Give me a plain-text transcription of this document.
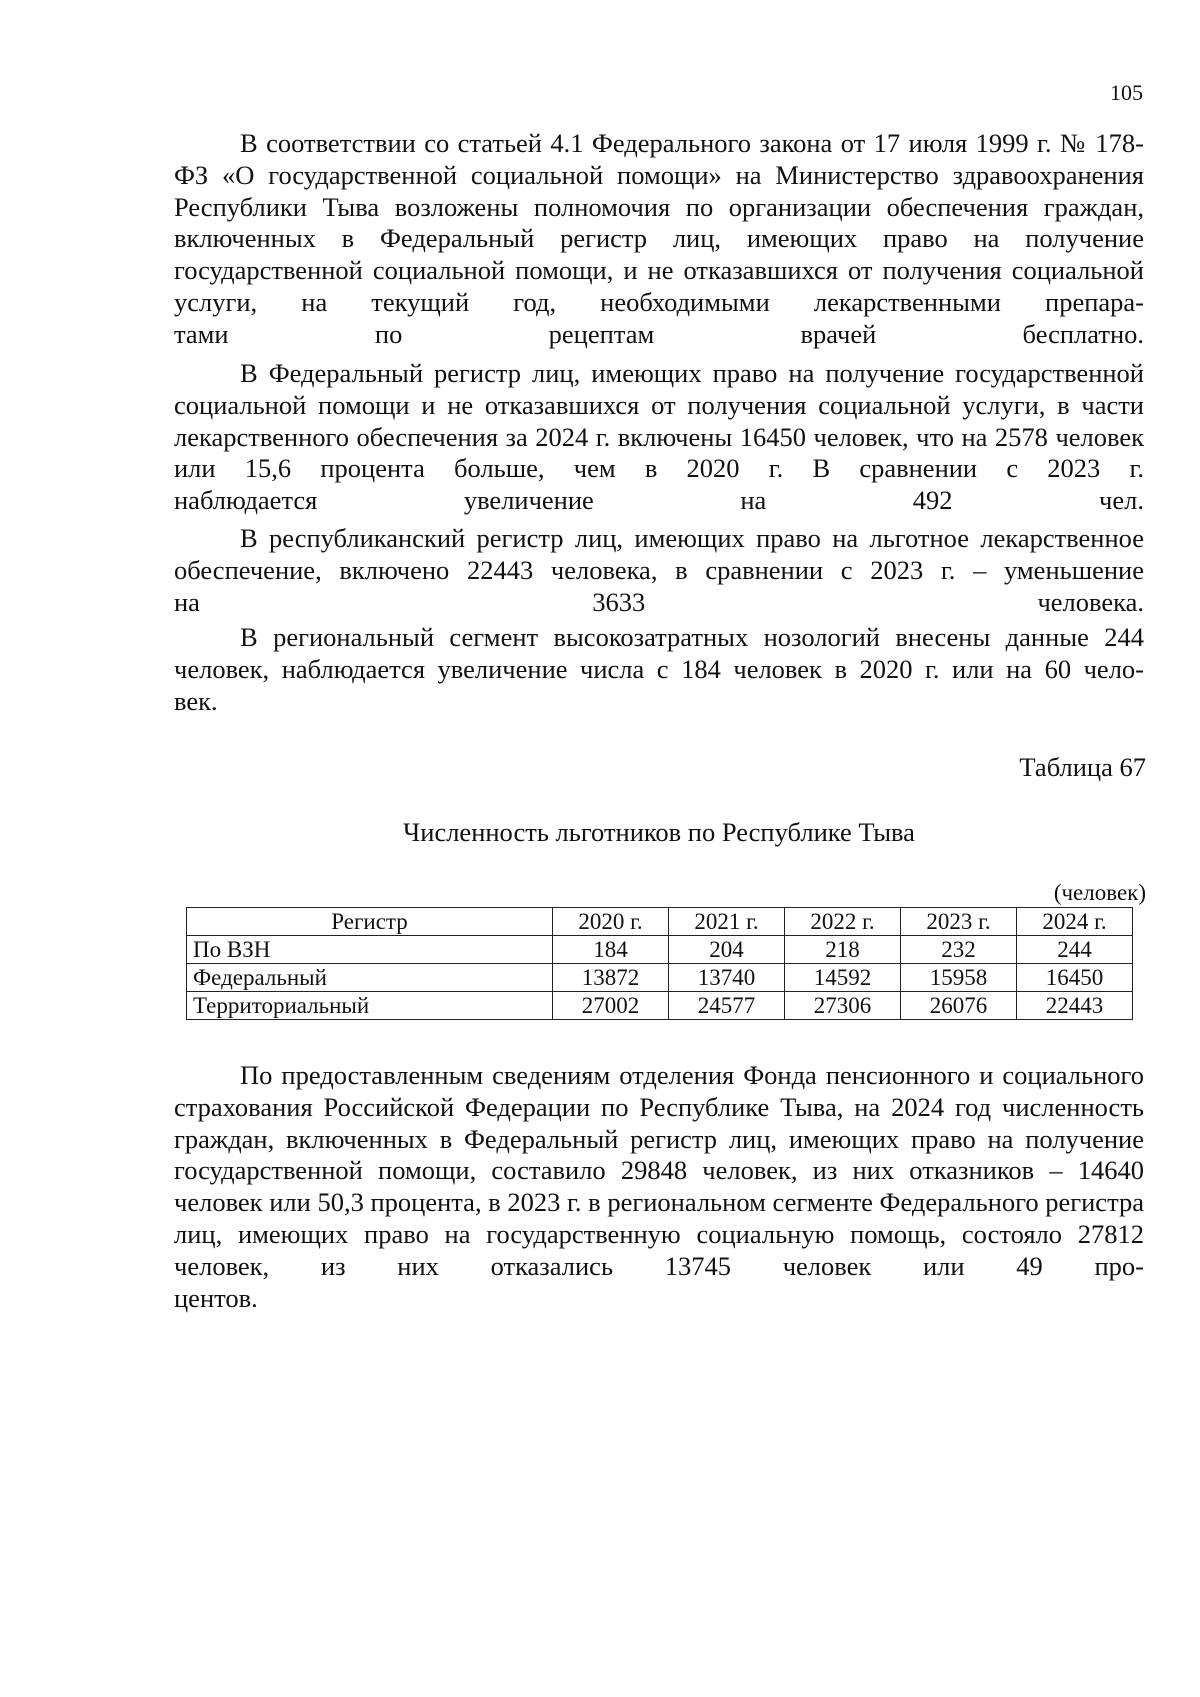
105

В соответствии со статьей 4.1 Федерального закона от 17 июля 1999 г. № 178-ФЗ «О государственной социальной помощи» на Министерство здравоохранения Республики Тыва возложены полномочия по организации обеспечения граждан, включенных в Федеральный регистр лиц, имеющих право на получение государственной социальной помощи, и не отказавшихся от получения социальной услуги, на текущий год, необходимыми лекарственными препара-
тами по рецептам врачей бесплатно.

В Федеральный регистр лиц, имеющих право на получение государственной социальной помощи и не отказавшихся от получения социальной услуги, в части лекарственного обеспечения за 2024 г. включены 16450 человек, что на 2578 человек или 15,6 процента больше, чем в 2020 г. В сравнении с 2023 г.
наблюдается увеличение на 492 чел.

В республиканский регистр лиц, имеющих право на льготное лекарственное обеспечение, включено 22443 человека, в сравнении с 2023 г. – уменьшение
на 3633 человека.

В региональный сегмент высокозатратных нозологий внесены данные 244 человек, наблюдается увеличение числа с 184 человек в 2020 г. или на 60 чело-
век.

Таблица 67
Численность льготников по Республике Тыва
(человек)
Регистр	2020 г.	2021 г.	2022 г.	2023 г.	2024 г.
По ВЗН	184	204	218	232	244
Федеральный	13872	13740	14592	15958	16450
Территориальный	27002	24577	27306	26076	22443

По предоставленным сведениям отделения Фонда пенсионного и социального страхования Российской Федерации по Республике Тыва, на 2024 год численность граждан, включенных в Федеральный регистр лиц, имеющих право на получение государственной помощи, составило 29848 человек, из них отказников – 14640 человек или 50,3 процента, в 2023 г. в региональном сегменте Федерального регистра лиц, имеющих право на государственную социальную помощь, состояло 27812 человек, из них отказались 13745 человек или 49 про-
центов.
